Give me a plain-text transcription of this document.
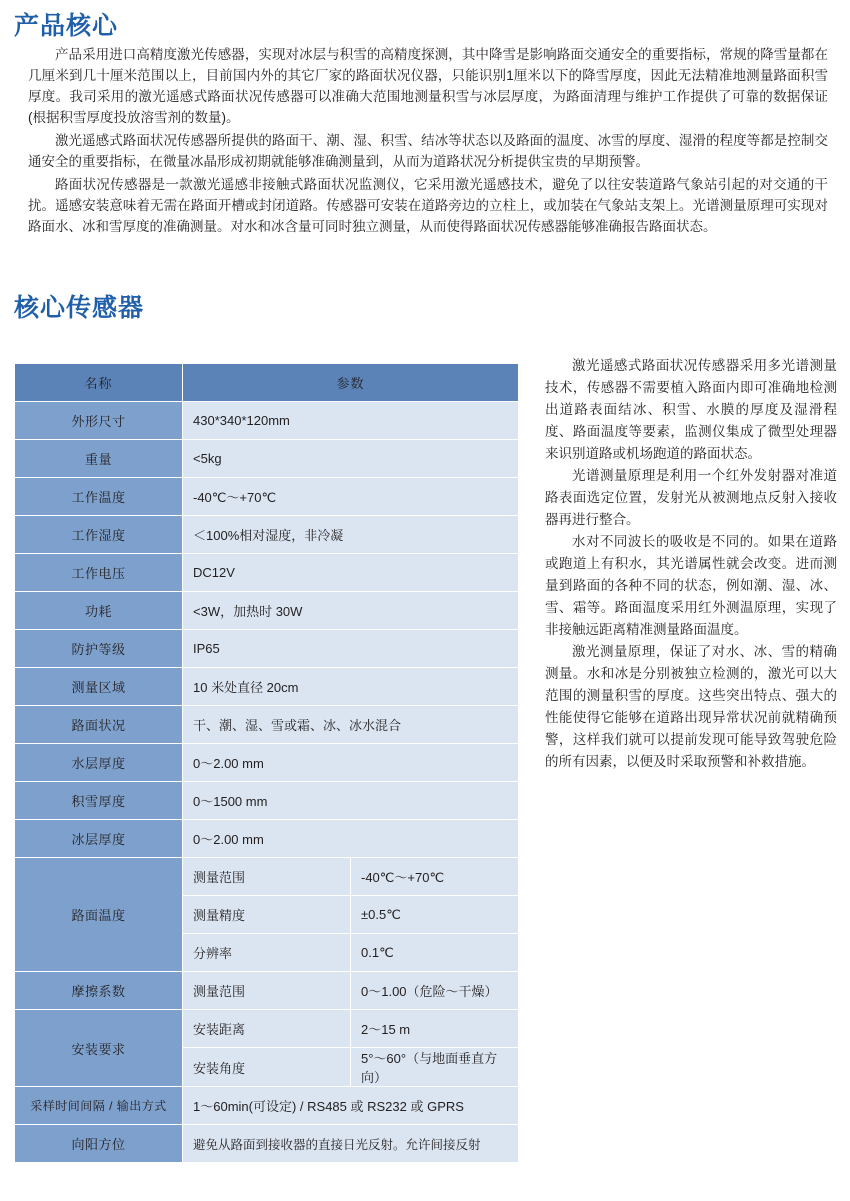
产品核心

产品采用进口高精度激光传感器，实现对冰层与积雪的高精度探测，其中降雪是影响路面交通安全的重要指标，常规的降雪量都在几厘米到几十厘米范围以上，目前国内外的其它厂家的路面状况仪器，只能识别1厘米以下的降雪厚度，因此无法精准地测量路面积雪厚度。我司采用的激光遥感式路面状况传感器可以准确大范围地测量积雪与冰层厚度，为路面清理与维护工作提供了可靠的数据保证(根据积雪厚度投放溶雪剂的数量)。

激光遥感式路面状况传感器所提供的路面干、潮、湿、积雪、结冰等状态以及路面的温度、冰雪的厚度、湿滑的程度等都是控制交通安全的重要指标，在微量冰晶形成初期就能够准确测量到，从而为道路状况分析提供宝贵的早期预警。

路面状况传感器是一款激光遥感非接触式路面状况监测仪，它采用激光遥感技术，避免了以往安装道路气象站引起的对交通的干扰。遥感安装意味着无需在路面开槽或封闭道路。传感器可安装在道路旁边的立柱上，或加装在气象站支架上。光谱测量原理可实现对路面水、冰和雪厚度的准确测量。对水和冰含量可同时独立测量，从而使得路面状况传感器能够准确报告路面状态。

核心传感器
名称	参数	
外形尺寸	430*340*120mm	
重量	<5kg	
工作温度	-40℃～+70℃	
工作湿度	＜100%相对湿度，非冷凝	
工作电压	DC12V	
功耗	<3W，加热时 30W	
防护等级	IP65	
测量区域	10 米处直径 20cm	
路面状况	干、潮、湿、雪或霜、冰、冰水混合	
水层厚度	0～2.00 mm	
积雪厚度	0～1500 mm	
冰层厚度	0～2.00 mm	
路面温度	测量范围	-40℃～+70℃
	测量精度	±0.5℃
	分辨率	0.1℃
摩擦系数	测量范围	0～1.00（危险～干燥）
安装要求	安装距离	2～15 m
	安装角度	5°～60°（与地面垂直方向）
采样时间间隔 / 输出方式	1～60min(可设定) / RS485 或 RS232 或 GPRS	
向阳方位	避免从路面到接收器的直接日光反射。允许间接反射	

激光遥感式路面状况传感器采用多光谱测量技术，传感器不需要植入路面内即可准确地检测出道路表面结冰、积雪、水膜的厚度及湿滑程度、路面温度等要素，监测仪集成了微型处理器来识别道路或机场跑道的路面状态。

光谱测量原理是利用一个红外发射器对准道路表面选定位置，发射光从被测地点反射入接收器再进行整合。

水对不同波长的吸收是不同的。如果在道路或跑道上有积水，其光谱属性就会改变。进而测量到路面的各种不同的状态，例如潮、湿、冰、雪、霜等。路面温度采用红外测温原理，实现了非接触远距离精准测量路面温度。

激光测量原理，保证了对水、冰、雪的精确测量。水和冰是分别被独立检测的，激光可以大范围的测量积雪的厚度。这些突出特点、强大的性能使得它能够在道路出现异常状况前就精确预警，这样我们就可以提前发现可能导致驾驶危险的所有因素，以便及时采取预警和补救措施。
